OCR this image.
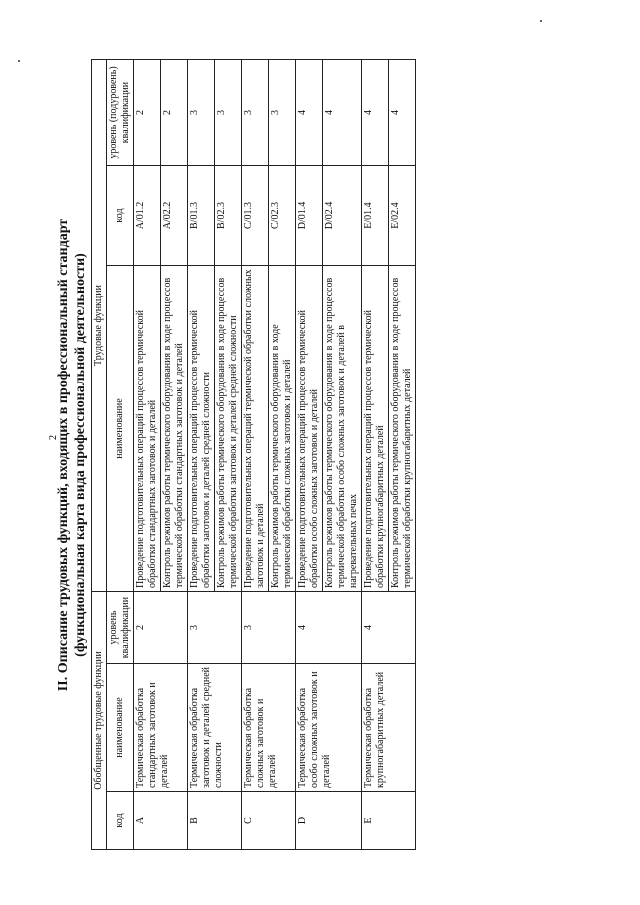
2
II. Описание трудовых функций, входящих в профессиональный стандарт (функциональная карта вида профессиональной деятельности)
Обобщенные трудовые функции			Трудовые функции		
код	наименование	уровень квалификации	наименование	код	уровень (подуровень) квалификации
A	Термическая обработка стандартных заготовок и деталей	2	Проведение подготовительных операций процессов термической обработки стандартных заготовок и деталей	A/01.2	2
			Контроль режимов работы термического оборудования в ходе процессов термической обработки стандартных заготовок и деталей	A/02.2	2
B	Термическая обработка заготовок и деталей средней сложности	3	Проведение подготовительных операций процессов термической обработки заготовок и деталей средней сложности	B/01.3	3
			Контроль режимов работы термического оборудования в ходе процессов термической обработки заготовок и деталей средней сложности	B/02.3	3
C	Термическая обработка сложных заготовок и деталей	3	Проведение подготовительных операций термической обработки сложных заготовок и деталей	C/01.3	3
			Контроль режимов работы термического оборудования в ходе термической обработки сложных заготовок и деталей	C/02.3	3
D	Термическая обработка особо сложных заготовок и деталей	4	Проведение подготовительных операций процессов термической обработки особо сложных заготовок и деталей	D/01.4	4
			Контроль режимов работы термического оборудования в ходе процессов термической обработки особо сложных заготовок и деталей в нагревательных печах	D/02.4	4
E	Термическая обработка крупногабаритных деталей	4	Проведение подготовительных операций процессов термической обработки крупногабаритных деталей	E/01.4	4
			Контроль режимов работы термического оборудования в ходе процессов термической обработки крупногабаритных деталей	E/02.4	4
